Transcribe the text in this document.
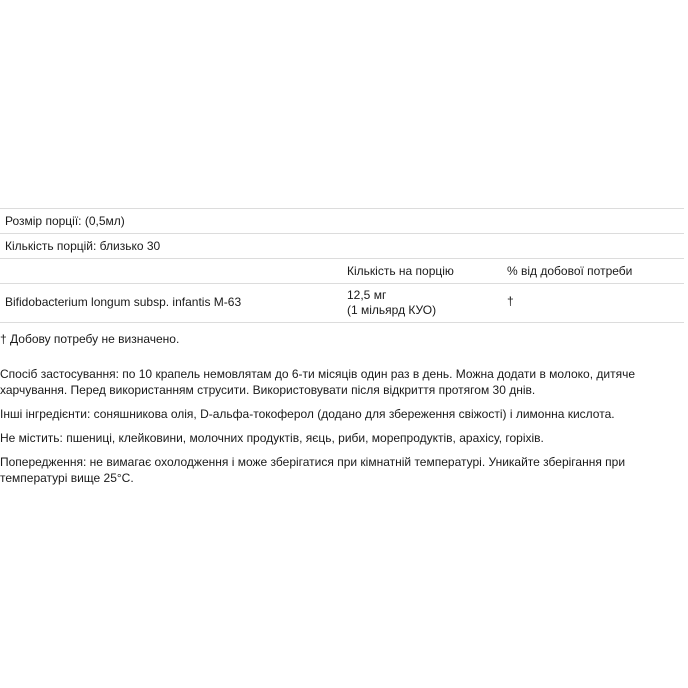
Розмір порції: (0,5мл)
Кількість порцій: близько 30
Кількість на порцію	% від добової потреби
Bifidobacterium longum subsp. infantis M-63	12,5 мг
(1 мільярд КУО)
†

† Добову потребу не визначено.

Спосіб застосування: по 10 крапель немовлятам до 6-ти місяців один раз в день. Можна додати в молоко, дитяче харчування. Перед використанням струсити. Використовувати після відкриття протягом 30 днів.

Інші інгредієнти: соняшникова олія, D-альфа-токоферол (додано для збереження свіжості) і лимонна кислота.

Не містить: пшениці, клейковини, молочних продуктів, яєць, риби, морепродуктів, арахісу, горіхів.

Попередження: не вимагає охолодження і може зберігатися при кімнатній температурі. Уникайте зберігання при температурі вище 25°C.
